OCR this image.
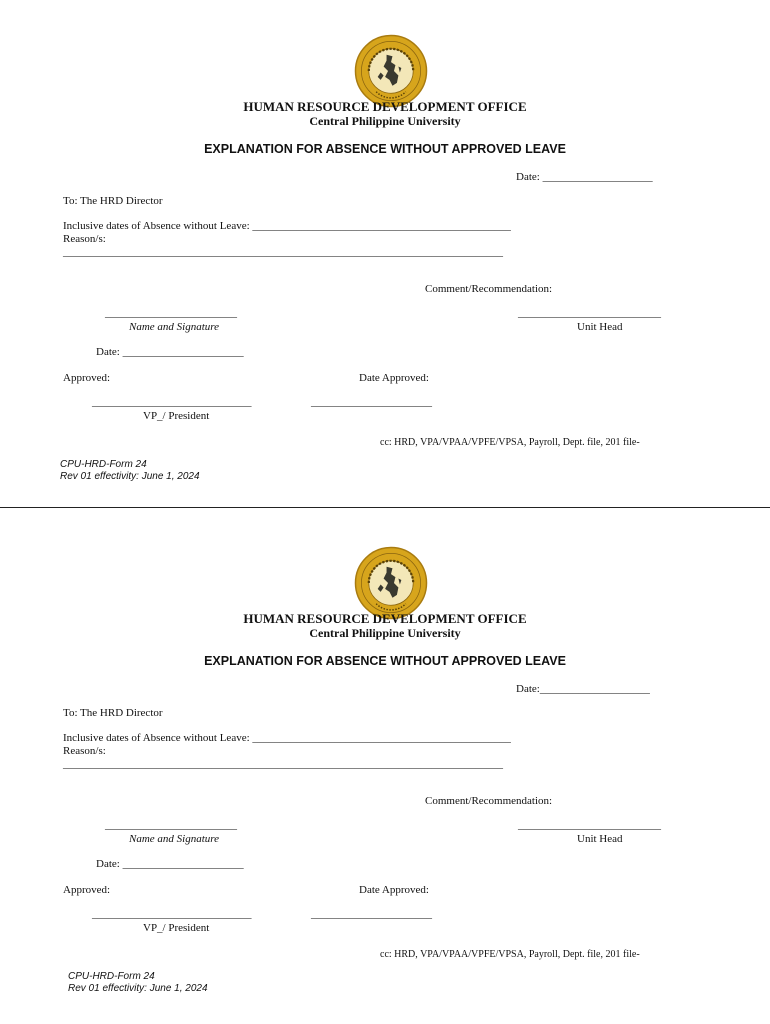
HUMAN RESOURCE DEVELOPMENT OFFICE
Central Philippine University
EXPLANATION FOR ABSENCE WITHOUT APPROVED LEAVE
Date: ____________________
To: The HRD Director
Inclusive dates of Absence without Leave: _______________________________________________
Reason/s:
________________________________________________________________________________
Comment/Recommendation:
________________________
Name and Signature
__________________________
Unit Head
Date: ______________________
Approved:	Date Approved:
_____________________________	______________________
VP_/ President
cc: HRD, VPA/VPAA/VPFE/VPSA, Payroll, Dept. file, 201 file-
CPU-HRD-Form 24
Rev 01 effectivity: June 1, 2024
HUMAN RESOURCE DEVELOPMENT OFFICE
Central Philippine University
EXPLANATION FOR ABSENCE WITHOUT APPROVED LEAVE
Date:____________________
To: The HRD Director
Inclusive dates of Absence without Leave: _______________________________________________
Reason/s:
________________________________________________________________________________
Comment/Recommendation:
________________________
Name and Signature
__________________________
Unit Head
Date: ______________________
Approved:	Date Approved:
_____________________________	______________________
VP_/ President
cc: HRD, VPA/VPAA/VPFE/VPSA, Payroll, Dept. file, 201 file-
CPU-HRD-Form 24
Rev 01 effectivity: June 1, 2024
